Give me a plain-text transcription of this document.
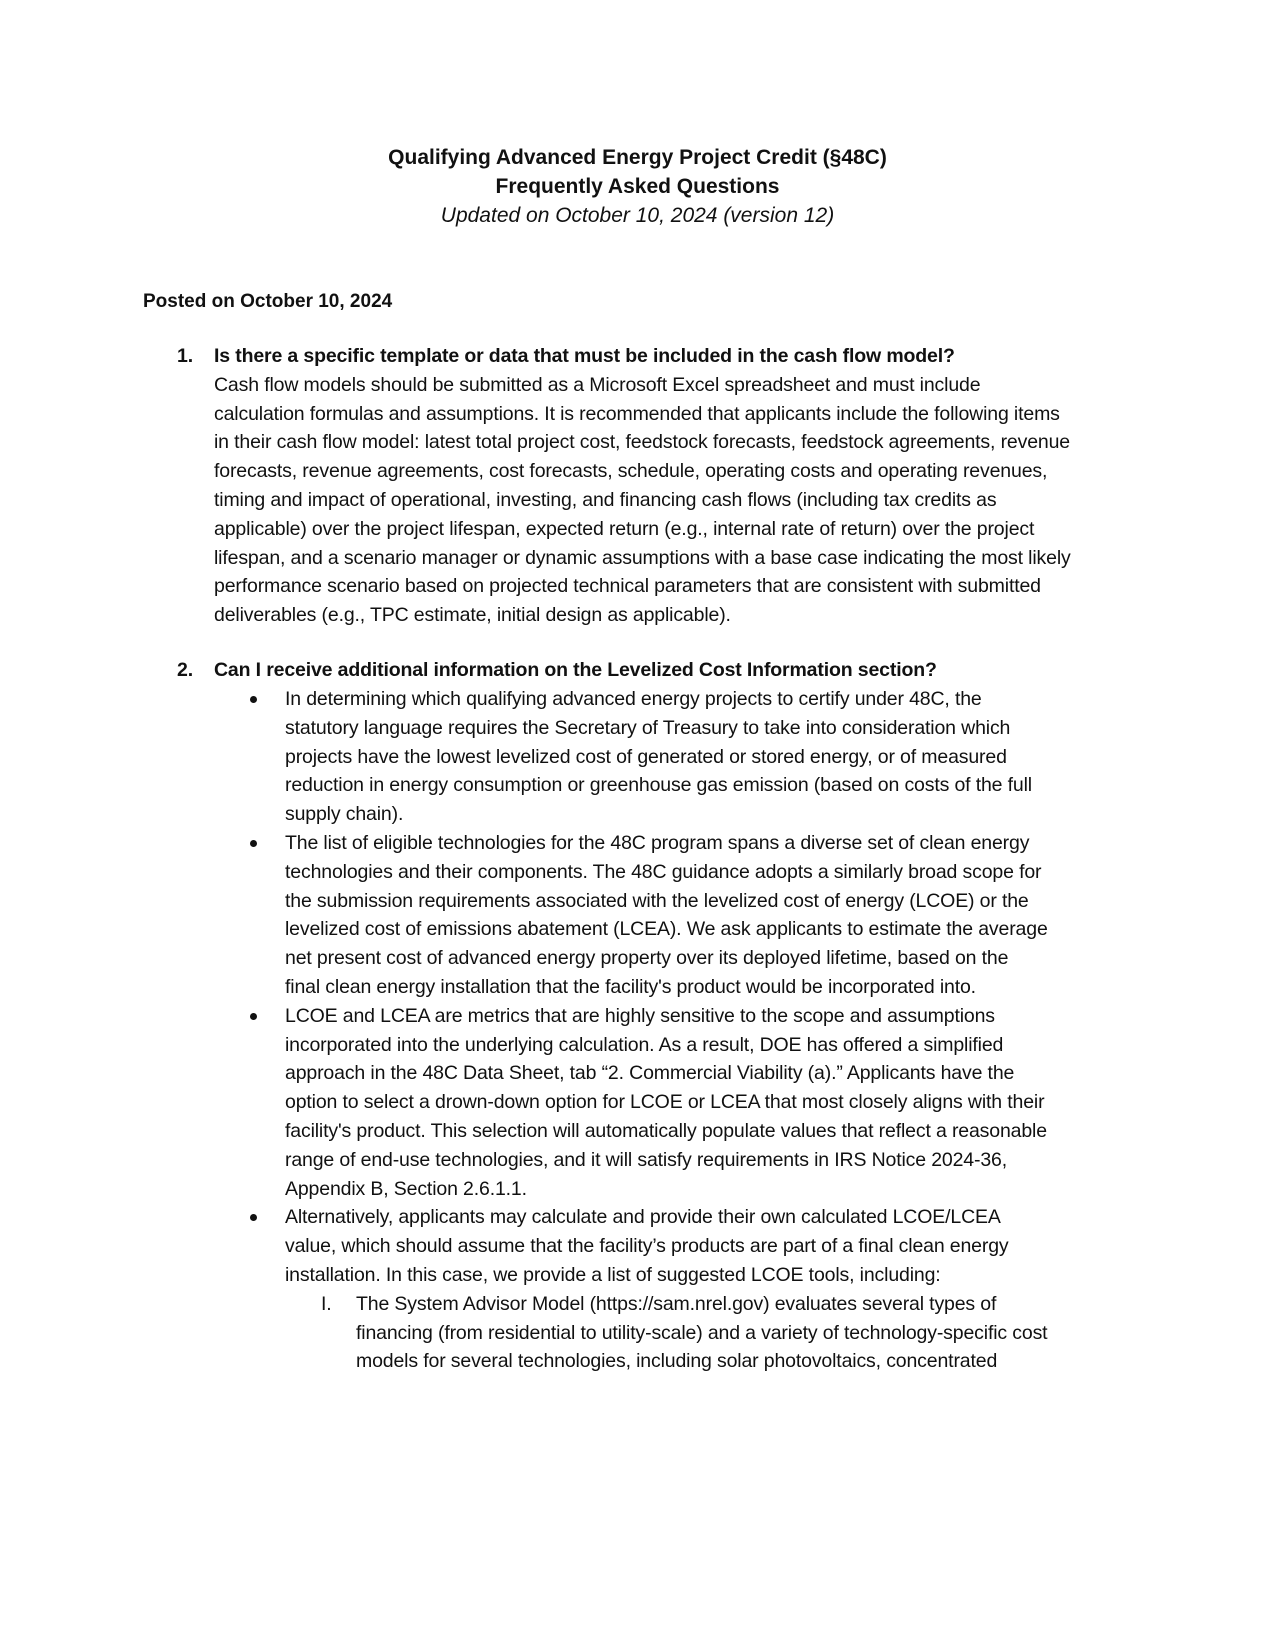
Qualifying Advanced Energy Project Credit (§48C)
Frequently Asked Questions
Updated on October 10, 2024 (version 12)
Posted on October 10, 2024
1. Is there a specific template or data that must be included in the cash flow model?
Cash flow models should be submitted as a Microsoft Excel spreadsheet and must include calculation formulas and assumptions. It is recommended that applicants include the following items in their cash flow model: latest total project cost, feedstock forecasts, feedstock agreements, revenue forecasts, revenue agreements, cost forecasts, schedule, operating costs and operating revenues, timing and impact of operational, investing, and financing cash flows (including tax credits as applicable) over the project lifespan, expected return (e.g., internal rate of return) over the project lifespan, and a scenario manager or dynamic assumptions with a base case indicating the most likely performance scenario based on projected technical parameters that are consistent with submitted deliverables (e.g., TPC estimate, initial design as applicable).
2. Can I receive additional information on the Levelized Cost Information section?
In determining which qualifying advanced energy projects to certify under 48C, the statutory language requires the Secretary of Treasury to take into consideration which projects have the lowest levelized cost of generated or stored energy, or of measured reduction in energy consumption or greenhouse gas emission (based on costs of the full supply chain).
The list of eligible technologies for the 48C program spans a diverse set of clean energy technologies and their components. The 48C guidance adopts a similarly broad scope for the submission requirements associated with the levelized cost of energy (LCOE) or the levelized cost of emissions abatement (LCEA). We ask applicants to estimate the average net present cost of advanced energy property over its deployed lifetime, based on the final clean energy installation that the facility's product would be incorporated into.
LCOE and LCEA are metrics that are highly sensitive to the scope and assumptions incorporated into the underlying calculation. As a result, DOE has offered a simplified approach in the 48C Data Sheet, tab “2. Commercial Viability (a).” Applicants have the option to select a drown-down option for LCOE or LCEA that most closely aligns with their facility's product. This selection will automatically populate values that reflect a reasonable range of end-use technologies, and it will satisfy requirements in IRS Notice 2024-36, Appendix B, Section 2.6.1.1.
Alternatively, applicants may calculate and provide their own calculated LCOE/LCEA value, which should assume that the facility’s products are part of a final clean energy installation. In this case, we provide a list of suggested LCOE tools, including:
I. The System Advisor Model (https://sam.nrel.gov) evaluates several types of financing (from residential to utility-scale) and a variety of technology-specific cost models for several technologies, including solar photovoltaics, concentrated
